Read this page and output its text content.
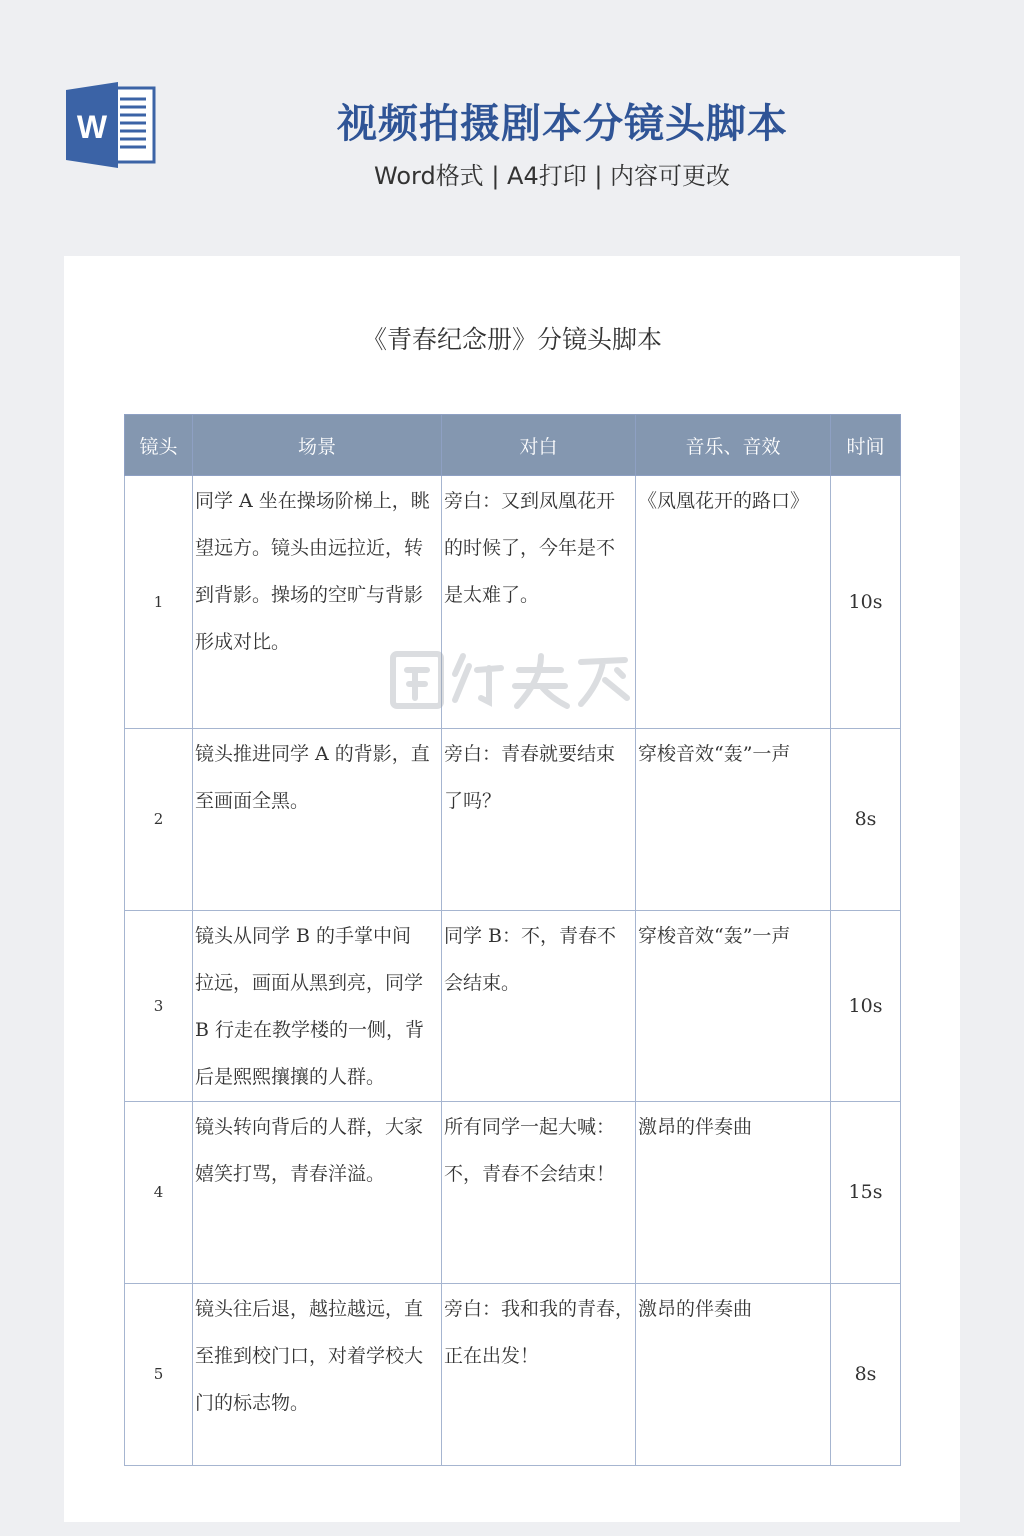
W	视频拍摄剧本分镜头脚本
Word格式 | A4打印 | 内容可更改
《青春纪念册》分镜头脚本
镜头	场景	对白	音乐、音效	时间
1	同学 A 坐在操场阶梯上，眺
望远方。镜头由远拉近，转
到背影。操场的空旷与背影
形成对比。	旁白：又到凤凰花开
的时候了，今年是不
是太难了。	《凤凰花开的路口》	10s
2	镜头推进同学 A 的背影，直
至画面全黑。	旁白：青春就要结束
了吗？	穿梭音效“轰”一声	8s
3	镜头从同学 B 的手掌中间
拉远，画面从黑到亮，同学
B 行走在教学楼的一侧，背
后是熙熙攘攘的人群。	同学 B：不，青春不
会结束。	穿梭音效“轰”一声	10s
4	镜头转向背后的人群，大家
嬉笑打骂，青春洋溢。	所有同学一起大喊：
不，青春不会结束！	激昂的伴奏曲	15s
5	镜头往后退，越拉越远，直
至推到校门口，对着学校大
门的标志物。	旁白：我和我的青春，
正在出发！	激昂的伴奏曲	8s
